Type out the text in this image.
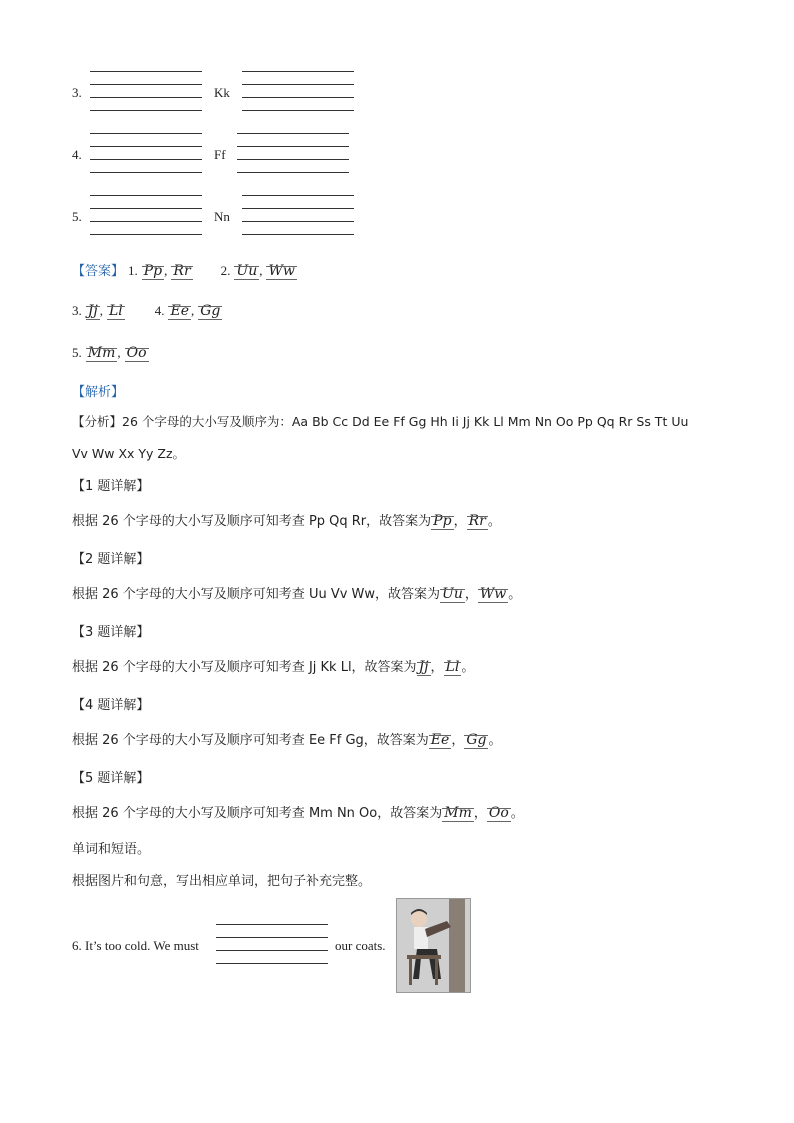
3.	Kk
4.	Ff
5.	Nn
【答案】 1. Pp , Rr 2. Uu , Ww
3. Jj , Ll 4. Ee , Gg
5. Mm , Oo
【解析】
【分析】26 个字母的大小写及顺序为：Aa Bb Cc Dd Ee Ff Gg Hh Ii Jj Kk Ll Mm Nn Oo Pp Qq Rr Ss Tt Uu
Vv Ww Xx Yy Zz。
【1 题详解】
根据 26 个字母的大小写及顺序可知考查 Pp Qq Rr，故答案为 Pp ， Rr 。
【2 题详解】
根据 26 个字母的大小写及顺序可知考查 Uu Vv Ww，故答案为 Uu ， Ww 。
【3 题详解】
根据 26 个字母的大小写及顺序可知考查 Jj Kk Ll，故答案为 Jj ， Ll 。
【4 题详解】
根据 26 个字母的大小写及顺序可知考查 Ee Ff Gg，故答案为 Ee ， Gg 。
【5 题详解】
根据 26 个字母的大小写及顺序可知考查 Mm Nn Oo，故答案为 Mm ， Oo 。
单词和短语。
根据图片和句意，写出相应单词，把句子补充完整。
6. It’s too cold. We must	our coats.
